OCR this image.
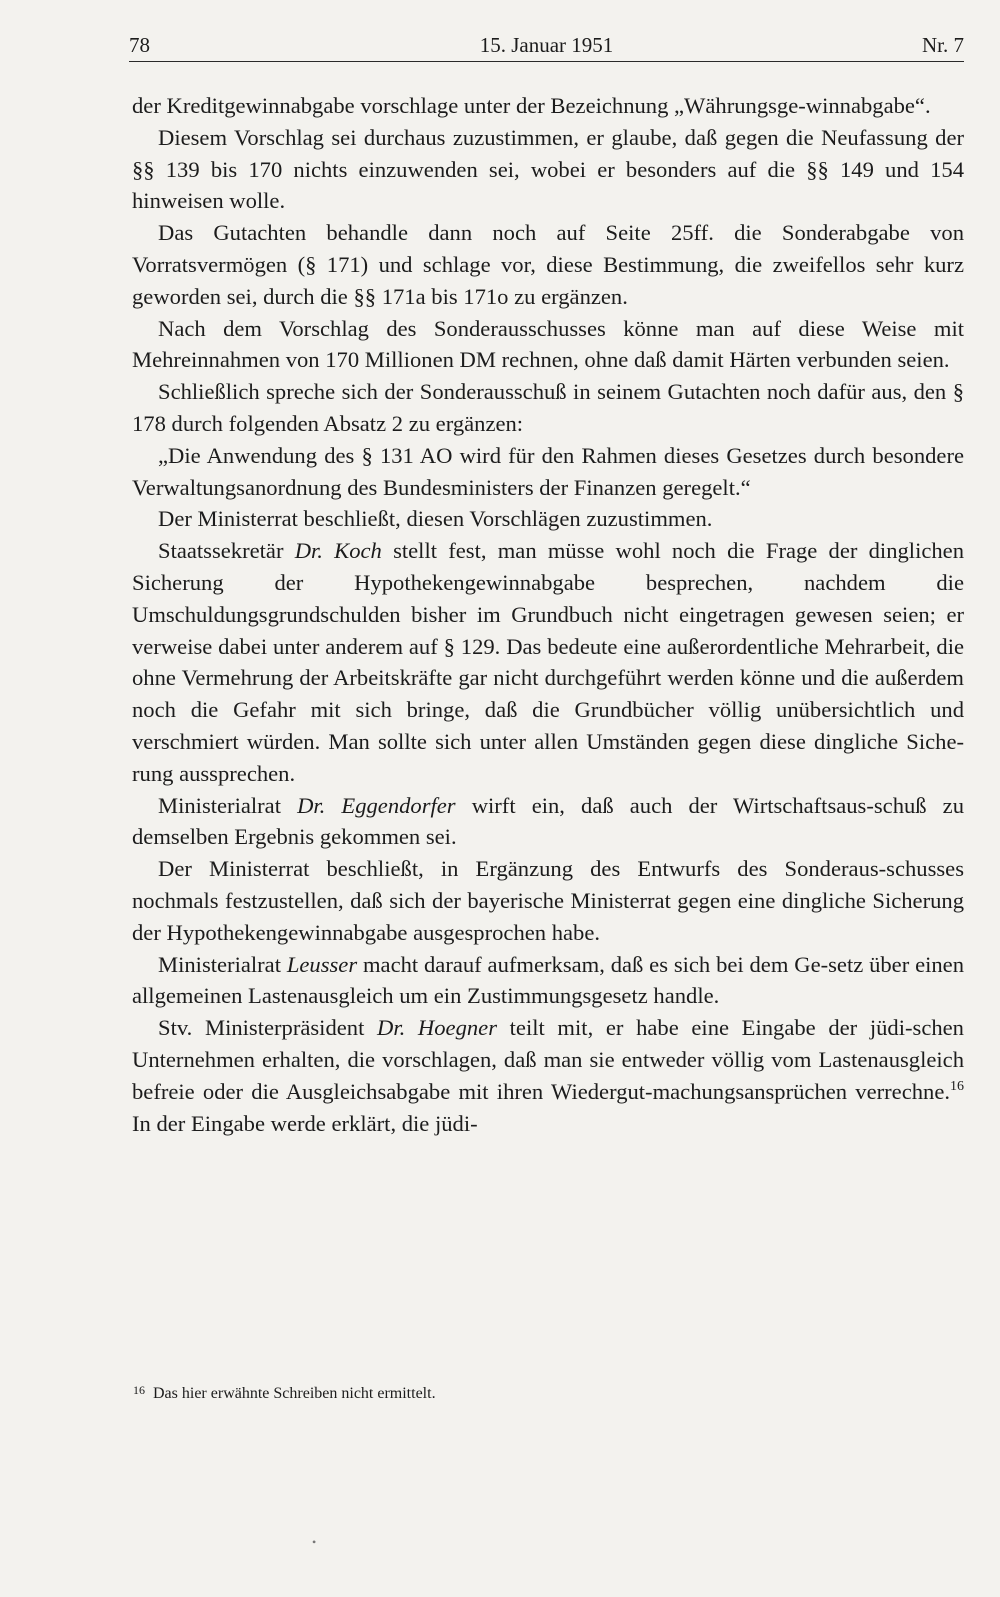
78	15. Januar 1951	Nr. 7

der Kreditgewinnabgabe vorschlage unter der Bezeichnung „Währungsge-winnabgabe“.

Diesem Vorschlag sei durchaus zuzustimmen, er glaube, daß gegen die Neufassung der §§ 139 bis 170 nichts einzuwenden sei, wobei er besonders auf die §§ 149 und 154 hinweisen wolle.

Das Gutachten behandle dann noch auf Seite 25ff. die Sonderabgabe von Vorratsvermögen (§ 171) und schlage vor, diese Bestimmung, die zweifellos sehr kurz geworden sei, durch die §§ 171a bis 171o zu ergänzen.

Nach dem Vorschlag des Sonderausschusses könne man auf diese Weise mit Mehreinnahmen von 170 Millionen DM rechnen, ohne daß damit Härten verbunden seien.

Schließlich spreche sich der Sonderausschuß in seinem Gutachten noch dafür aus, den § 178 durch folgenden Absatz 2 zu ergänzen:

„Die Anwendung des § 131 AO wird für den Rahmen dieses Gesetzes durch besondere Verwaltungsanordnung des Bundesministers der Finanzen geregelt.“

Der Ministerrat beschließt, diesen Vorschlägen zuzustimmen.

Staatssekretär Dr. Koch stellt fest, man müsse wohl noch die Frage der dinglichen Sicherung der Hypothekengewinnabgabe besprechen, nachdem die Umschuldungsgrundschulden bisher im Grundbuch nicht eingetragen gewesen seien; er verweise dabei unter anderem auf § 129. Das bedeute eine außerordentliche Mehrarbeit, die ohne Vermehrung der Arbeitskräfte gar nicht durchgeführt werden könne und die außerdem noch die Gefahr mit sich bringe, daß die Grundbücher völlig unübersichtlich und verschmiert würden. Man sollte sich unter allen Umständen gegen diese dingliche Siche-rung aussprechen.

Ministerialrat Dr. Eggendorfer wirft ein, daß auch der Wirtschaftsaus-schuß zu demselben Ergebnis gekommen sei.

Der Ministerrat beschließt, in Ergänzung des Entwurfs des Sonderaus-schusses nochmals festzustellen, daß sich der bayerische Ministerrat gegen eine dingliche Sicherung der Hypothekengewinnabgabe ausgesprochen habe.

Ministerialrat Leusser macht darauf aufmerksam, daß es sich bei dem Ge-setz über einen allgemeinen Lastenausgleich um ein Zustimmungsgesetz handle.

Stv. Ministerpräsident Dr. Hoegner teilt mit, er habe eine Eingabe der jüdi-schen Unternehmen erhalten, die vorschlagen, daß man sie entweder völlig vom Lastenausgleich befreie oder die Ausgleichsabgabe mit ihren Wiedergut-machungsansprüchen verrechne.$^{16}$ In der Eingabe werde erklärt, die jüdi-

$^{16}$ Das hier erwähnte Schreiben nicht ermittelt.
•
